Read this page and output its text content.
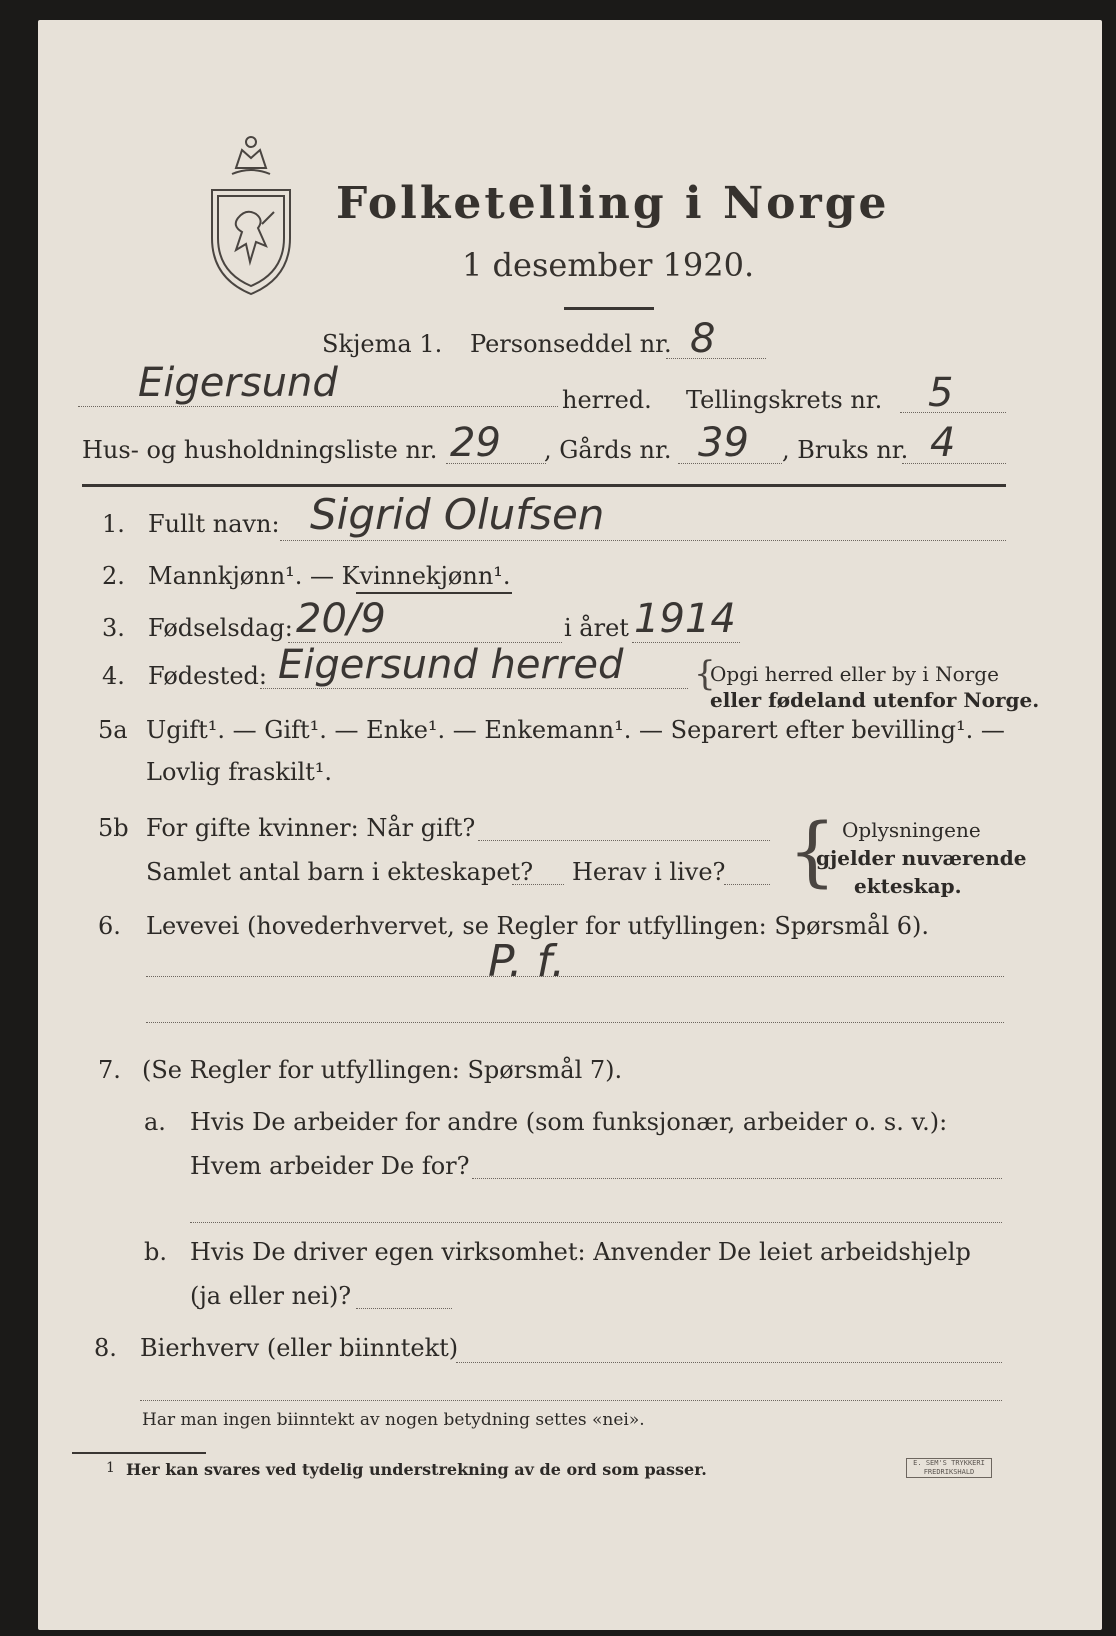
Folketelling i Norge
1 desember 1920.
Skjema 1. Personseddel nr. 8
Eigersund	herred. Tellingskrets nr. 5
Hus- og husholdningsliste nr. 29 , Gårds nr. 39 , Bruks nr. 4
1. Fullt navn: Sigrid Olufsen
2. Mannkjønn¹. — Kvinnekjønn¹.
3. Fødselsdag: 20/9	i året 1914
4. Fødested: Eigersund herred {
Opgi herred eller by i Norge
eller fødeland utenfor Norge.
5a Ugift¹. — Gift¹. — Enke¹. — Enkemann¹. — Separert efter bevilling¹. —
Lovlig fraskilt¹.
5b For gifte kvinner: Når gift?
Samlet antal barn i ekteskapet? Herav i live? { Oplysningene
gjelder nuværende
ekteskap.
6. Levevei (hovederhvervet, se Regler for utfyllingen: Spørsmål 6).
P. f.
7. (Se Regler for utfyllingen: Spørsmål 7).
a. Hvis De arbeider for andre (som funksjonær, arbeider o. s. v.):
Hvem arbeider De for?
b. Hvis De driver egen virksomhet: Anvender De leiet arbeidshjelp
(ja eller nei)?
8. Bierhverv (eller biinntekt)
Har man ingen biinntekt av nogen betydning settes «nei».
1 Her kan svares ved tydelig understrekning av de ord som passer.	E. SEM'S TRYKKERI FREDRIKSHALD
